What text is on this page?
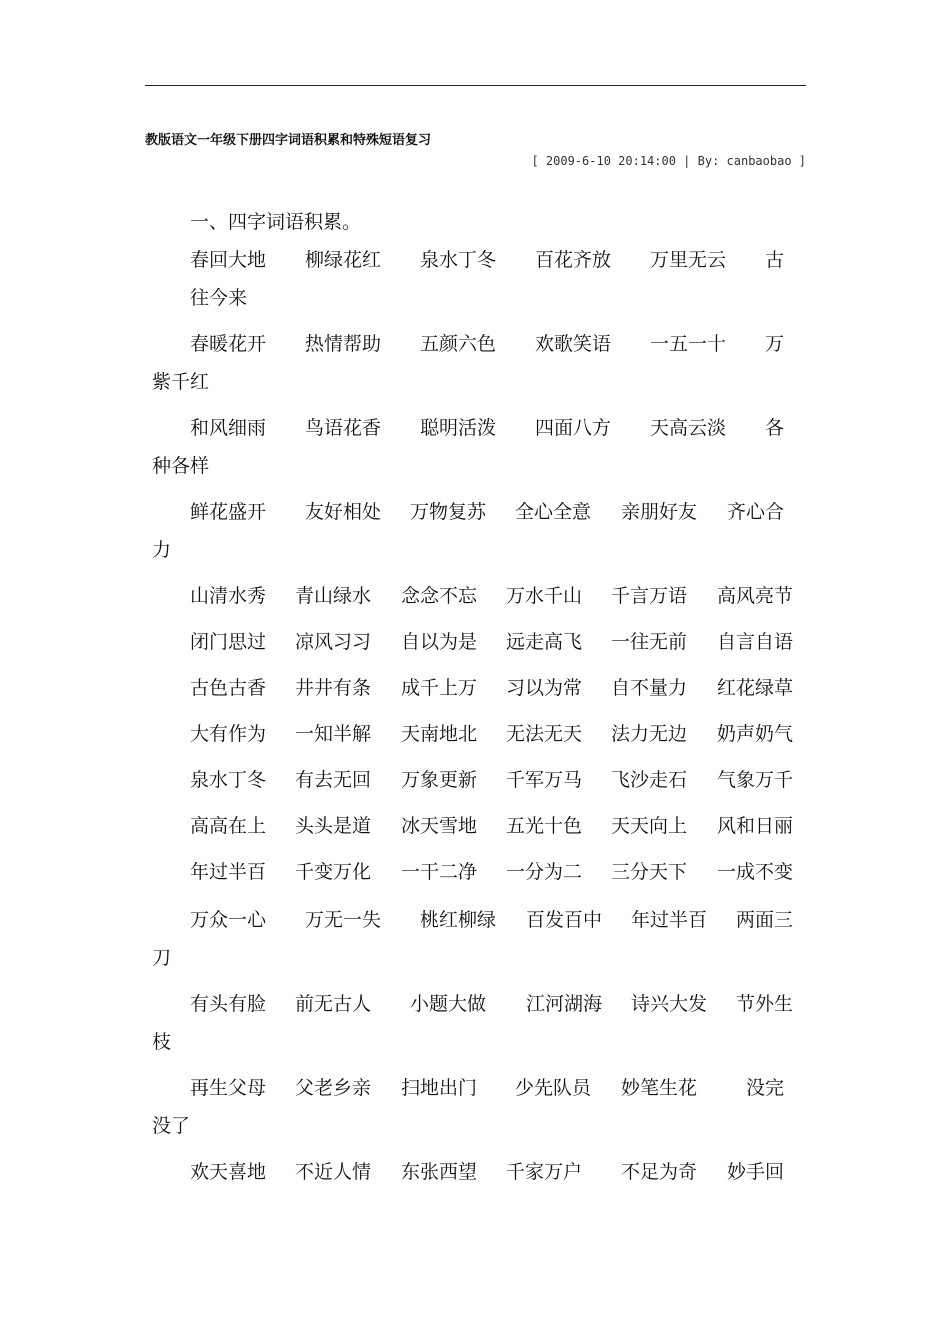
教版语文一年级下册四字词语积累和特殊短语复习
[ 2009-6-10 20:14:00 | By: canbaobao ]
一、四字词语积累。
春回大地 柳绿花红 泉水丁冬 百花齐放 万里无云 古
往今来
春暖花开 热情帮助 五颜六色 欢歌笑语 一五一十 万
紫千红
和风细雨 鸟语花香 聪明活泼 四面八方 天高云淡 各
种各样
鲜花盛开 友好相处 万物复苏 全心全意 亲朋好友 齐心合
力
山清水秀 青山绿水 念念不忘 万水千山 千言万语 高风亮节
闭门思过 凉风习习 自以为是 远走高飞 一往无前 自言自语
古色古香 井井有条 成千上万 习以为常 自不量力 红花绿草
大有作为 一知半解 天南地北 无法无天 法力无边 奶声奶气
泉水丁冬 有去无回 万象更新 千军万马 飞沙走石 气象万千
高高在上 头头是道 冰天雪地 五光十色 天天向上 风和日丽
年过半百 千变万化 一干二净 一分为二 三分天下 一成不变
万众一心 万无一失 桃红柳绿 百发百中 年过半百 两面三
刀
有头有脸 前无古人 小题大做 江河湖海 诗兴大发 节外生
枝
再生父母 父老乡亲 扫地出门 少先队员 妙笔生花	没完
没了
欢天喜地 不近人情 东张西望 千家万户 不足为奇 妙手回
